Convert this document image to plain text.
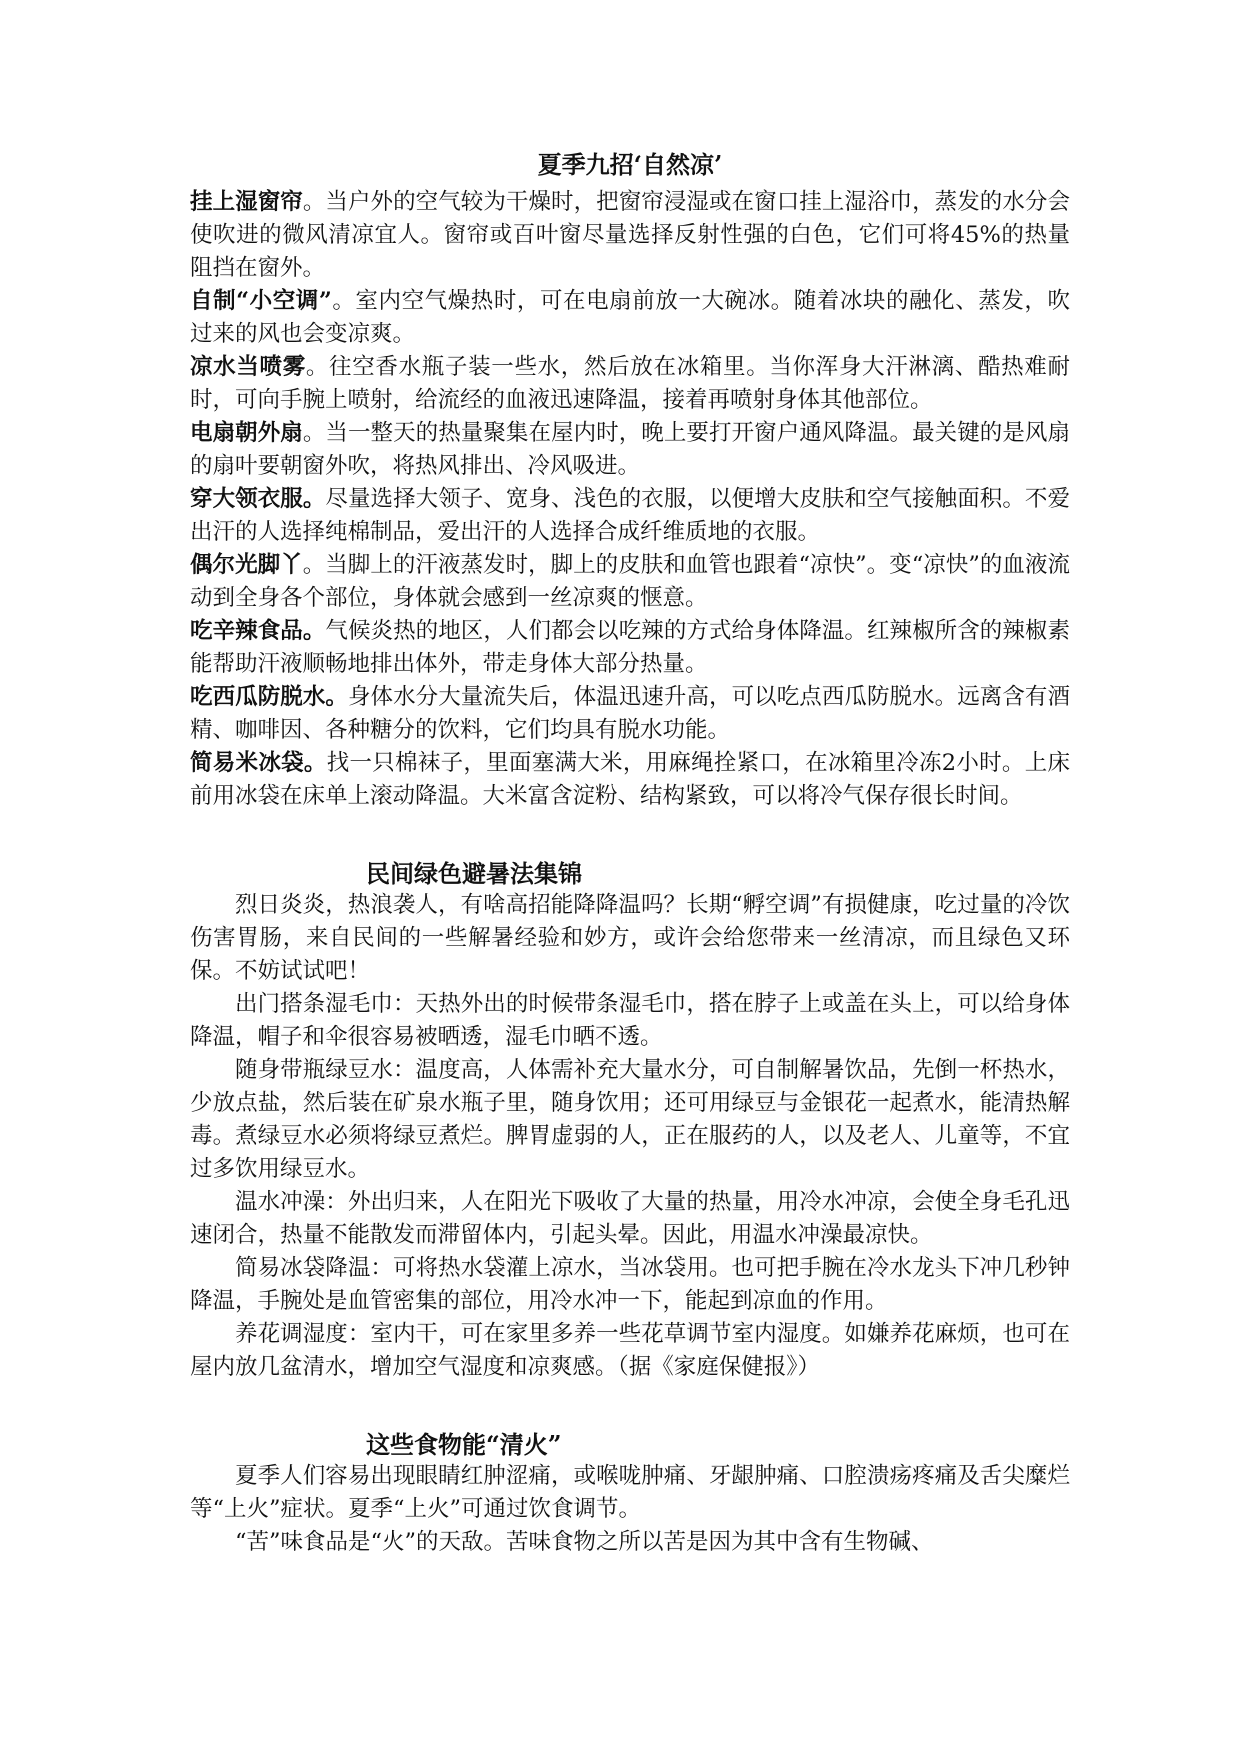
夏季九招‘自然凉’

挂上湿窗帘。当户外的空气较为干燥时，把窗帘浸湿或在窗口挂上湿浴巾，蒸发的水分会使吹进的微风清凉宜人。窗帘或百叶窗尽量选择反射性强的白色，它们可将45%的热量阻挡在窗外。

自制“小空调”。室内空气燥热时，可在电扇前放一大碗冰。随着冰块的融化、蒸发，吹过来的风也会变凉爽。

凉水当喷雾。往空香水瓶子装一些水，然后放在冰箱里。当你浑身大汗淋漓、酷热难耐时，可向手腕上喷射，给流经的血液迅速降温，接着再喷射身体其他部位。

电扇朝外扇。当一整天的热量聚集在屋内时，晚上要打开窗户通风降温。最关键的是风扇的扇叶要朝窗外吹，将热风排出、冷风吸进。

穿大领衣服。尽量选择大领子、宽身、浅色的衣服，以便增大皮肤和空气接触面积。不爱出汗的人选择纯棉制品，爱出汗的人选择合成纤维质地的衣服。

偶尔光脚丫。当脚上的汗液蒸发时，脚上的皮肤和血管也跟着“凉快”。变“凉快”的血液流动到全身各个部位，身体就会感到一丝凉爽的惬意。

吃辛辣食品。气候炎热的地区，人们都会以吃辣的方式给身体降温。红辣椒所含的辣椒素能帮助汗液顺畅地排出体外，带走身体大部分热量。

吃西瓜防脱水。身体水分大量流失后，体温迅速升高，可以吃点西瓜防脱水。远离含有酒精、咖啡因、各种糖分的饮料，它们均具有脱水功能。

简易米冰袋。找一只棉袜子，里面塞满大米，用麻绳拴紧口，在冰箱里冷冻2小时。上床前用冰袋在床单上滚动降温。大米富含淀粉、结构紧致，可以将冷气保存很长时间。

民间绿色避暑法集锦

烈日炎炎，热浪袭人，有啥高招能降降温吗？长期“孵空调”有损健康，吃过量的冷饮伤害胃肠，来自民间的一些解暑经验和妙方，或许会给您带来一丝清凉，而且绿色又环保。不妨试试吧！

出门搭条湿毛巾：天热外出的时候带条湿毛巾，搭在脖子上或盖在头上，可以给身体降温，帽子和伞很容易被晒透，湿毛巾晒不透。

随身带瓶绿豆水：温度高，人体需补充大量水分，可自制解暑饮品，先倒一杯热水，少放点盐，然后装在矿泉水瓶子里，随身饮用；还可用绿豆与金银花一起煮水，能清热解毒。煮绿豆水必须将绿豆煮烂。脾胃虚弱的人，正在服药的人，以及老人、儿童等，不宜过多饮用绿豆水。

温水冲澡：外出归来，人在阳光下吸收了大量的热量，用冷水冲凉，会使全身毛孔迅速闭合，热量不能散发而滞留体内，引起头晕。因此，用温水冲澡最凉快。

简易冰袋降温：可将热水袋灌上凉水，当冰袋用。也可把手腕在冷水龙头下冲几秒钟降温，手腕处是血管密集的部位，用冷水冲一下，能起到凉血的作用。

养花调湿度：室内干，可在家里多养一些花草调节室内湿度。如嫌养花麻烦，也可在屋内放几盆清水，增加空气湿度和凉爽感。（据《家庭保健报》）

这些食物能“清火”

夏季人们容易出现眼睛红肿涩痛，或喉咙肿痛、牙龈肿痛、口腔溃疡疼痛及舌尖糜烂等“上火”症状。夏季“上火”可通过饮食调节。

“苦”味食品是“火”的天敌。苦味食物之所以苦是因为其中含有生物碱、
